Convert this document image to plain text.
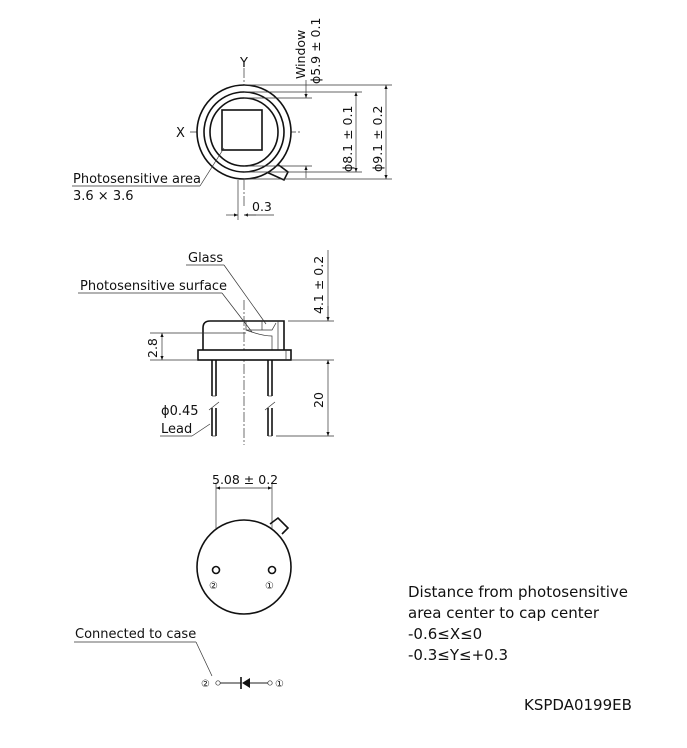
Y
X
Window ϕ5.9 ± 0.1
ϕ8.1 ± 0.1 ϕ9.1 ± 0.2
Photosensitive area
3.6 × 3.6
0.3
Glass
Photosensitive surface	4.1 ± 0.2
20
2.8
ϕ0.45
Lead
5.08 ± 0.2
②	①
Connected to case
②	①
Distance from photosensitive
area center to cap center
-0.6≤X≤0
-0.3≤Y≤+0.3
KSPDA0199EB
